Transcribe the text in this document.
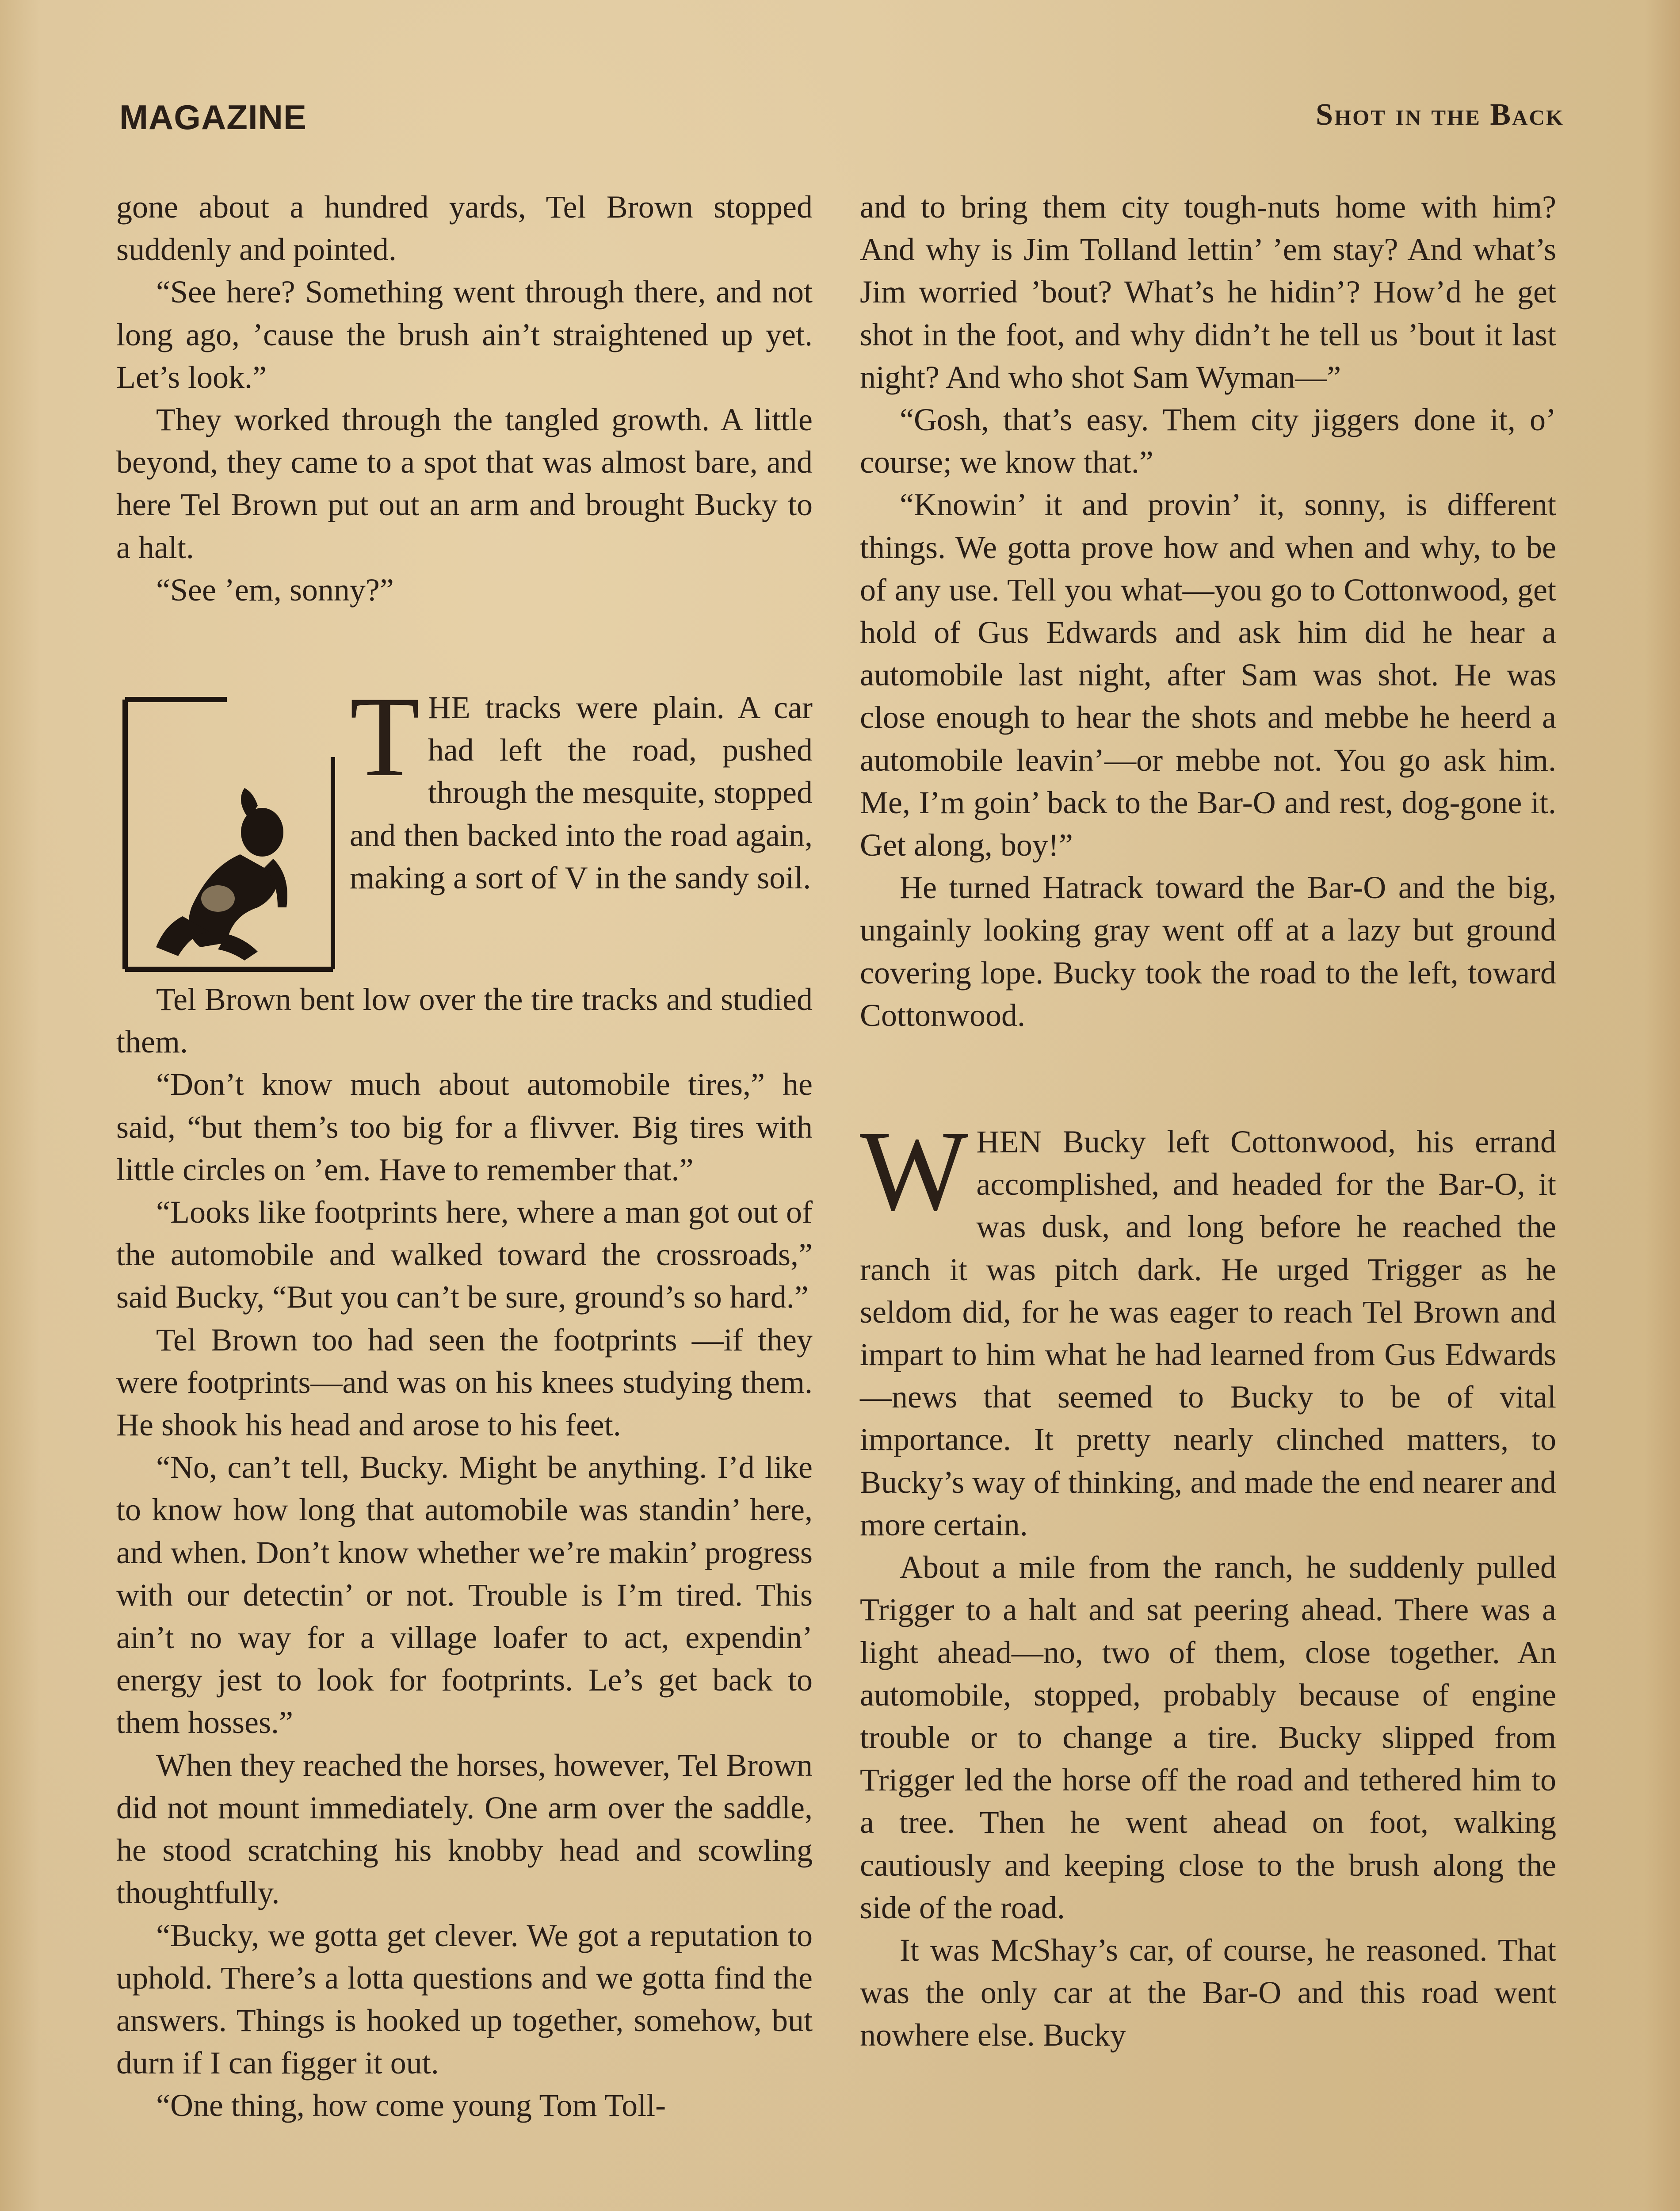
MAGAZINE	Shot in the Back

gone about a hundred yards, Tel Brown stopped suddenly and pointed.

“See here? Something went through there, and not long ago, ’cause the brush ain’t straightened up yet. Let’s look.”

They worked through the tangled growth. A little beyond, they came to a spot that was almost bare, and here Tel Brown put out an arm and brought Bucky to a halt.

“See ’em, sonny?”

T HE tracks were plain. A car had left the road, pushed through the mesquite, stopped and then backed into the road again, making a sort of V in the sandy soil.

Tel Brown bent low over the tire tracks and studied them.

“Don’t know much about automobile tires,” he said, “but them’s too big for a flivver. Big tires with little circles on ’em. Have to remember that.”

“Looks like footprints here, where a man got out of the automobile and walked toward the crossroads,” said Bucky, “But you can’t be sure, ground’s so hard.”

Tel Brown too had seen the footprints —if they were footprints—and was on his knees studying them. He shook his head and arose to his feet.

“No, can’t tell, Bucky. Might be anything. I’d like to know how long that automobile was standin’ here, and when. Don’t know whether we’re makin’ progress with our detectin’ or not. Trouble is I’m tired. This ain’t no way for a village loafer to act, expendin’ energy jest to look for footprints. Le’s get back to them hosses.”

When they reached the horses, however, Tel Brown did not mount immediately. One arm over the saddle, he stood scratching his knobby head and scowling thoughtfully.

“Bucky, we gotta get clever. We got a reputation to uphold. There’s a lotta questions and we gotta find the answers. Things is hooked up together, somehow, but durn if I can figger it out.

“One thing, how come young Tom Toll-

and to bring them city tough-nuts home with him? And why is Jim Tolland lettin’ ’em stay? And what’s Jim worried ’bout? What’s he hidin’? How’d he get shot in the foot, and why didn’t he tell us ’bout it last night? And who shot Sam Wyman—”

“Gosh, that’s easy. Them city jiggers done it, o’ course; we know that.”

“Knowin’ it and provin’ it, sonny, is different things. We gotta prove how and when and why, to be of any use. Tell you what—you go to Cottonwood, get hold of Gus Edwards and ask him did he hear a automobile last night, after Sam was shot. He was close enough to hear the shots and mebbe he heerd a automobile leavin’—or mebbe not. You go ask him. Me, I’m goin’ back to the Bar-O and rest, dog-gone it. Get along, boy!”

He turned Hatrack toward the Bar-O and the big, ungainly looking gray went off at a lazy but ground covering lope. Bucky took the road to the left, toward Cottonwood.

W HEN Bucky left Cottonwood, his errand accomplished, and headed for the Bar-O, it was dusk, and long before he reached the ranch it was pitch dark. He urged Trigger as he seldom did, for he was eager to reach Tel Brown and impart to him what he had learned from Gus Edwards—news that seemed to Bucky to be of vital importance. It pretty nearly clinched matters, to Bucky’s way of thinking, and made the end nearer and more certain.

About a mile from the ranch, he suddenly pulled Trigger to a halt and sat peering ahead. There was a light ahead—no, two of them, close together. An automobile, stopped, probably because of engine trouble or to change a tire. Bucky slipped from Trigger led the horse off the road and tethered him to a tree. Then he went ahead on foot, walking cautiously and keeping close to the brush along the side of the road.

It was McShay’s car, of course, he reasoned. That was the only car at the Bar-O and this road went nowhere else. Bucky
